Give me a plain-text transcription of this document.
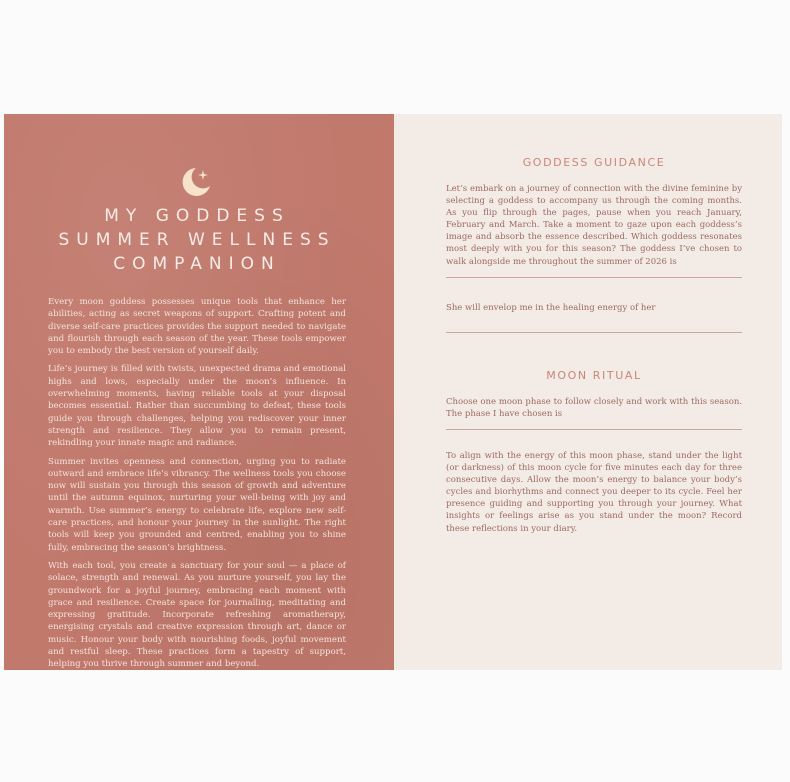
MY GODDESS
SUMMER WELLNESS
COMPANION

Every moon goddess possesses unique tools that enhance her abilities, acting as secret weapons of support. Crafting potent and diverse self-care practices provides the support needed to navigate and flourish through each season of the year. These tools empower you to embody the best version of yourself daily.

Life’s journey is filled with twists, unexpected drama and emotional highs and lows, especially under the moon’s influence. In overwhelming moments, having reliable tools at your disposal becomes essential. Rather than succumbing to defeat, these tools guide you through challenges, helping you rediscover your inner strength and resilience. They allow you to remain present, rekindling your innate magic and radiance.

Summer invites openness and connection, urging you to radiate outward and embrace life’s vibrancy. The wellness tools you choose now will sustain you through this season of growth and adventure until the autumn equinox, nurturing your well-being with joy and warmth. Use summer’s energy to celebrate life, explore new self-care practices, and honour your journey in the sunlight. The right tools will keep you grounded and centred, enabling you to shine fully, embracing the season’s brightness.

With each tool, you create a sanctuary for your soul — a place of solace, strength and renewal. As you nurture yourself, you lay the groundwork for a joyful journey, embracing each moment with grace and resilience. Create space for journalling, meditating and expressing gratitude. Incorporate refreshing aromatherapy, energising crystals and creative expression through art, dance or music. Honour your body with nourishing foods, joyful movement and restful sleep. These practices form a tapestry of support, helping you thrive through summer and beyond.

GODDESS GUIDANCE

Let’s embark on a journey of connection with the divine feminine by selecting a goddess to accompany us through the coming months. As you flip through the pages, pause when you reach January, February and March. Take a moment to gaze upon each goddess’s image and absorb the essence described. Which goddess resonates most deeply with you for this season? The goddess I’ve chosen to walk alongside me throughout the summer of 2026 is

She will envelop me in the healing energy of her

MOON RITUAL

Choose one moon phase to follow closely and work with this season. The phase I have chosen is

To align with the energy of this moon phase, stand under the light (or darkness) of this moon cycle for five minutes each day for three consecutive days. Allow the moon’s energy to balance your body’s cycles and biorhythms and connect you deeper to its cycle. Feel her presence guiding and supporting you through your journey. What insights or feelings arise as you stand under the moon? Record these reflections in your diary.
